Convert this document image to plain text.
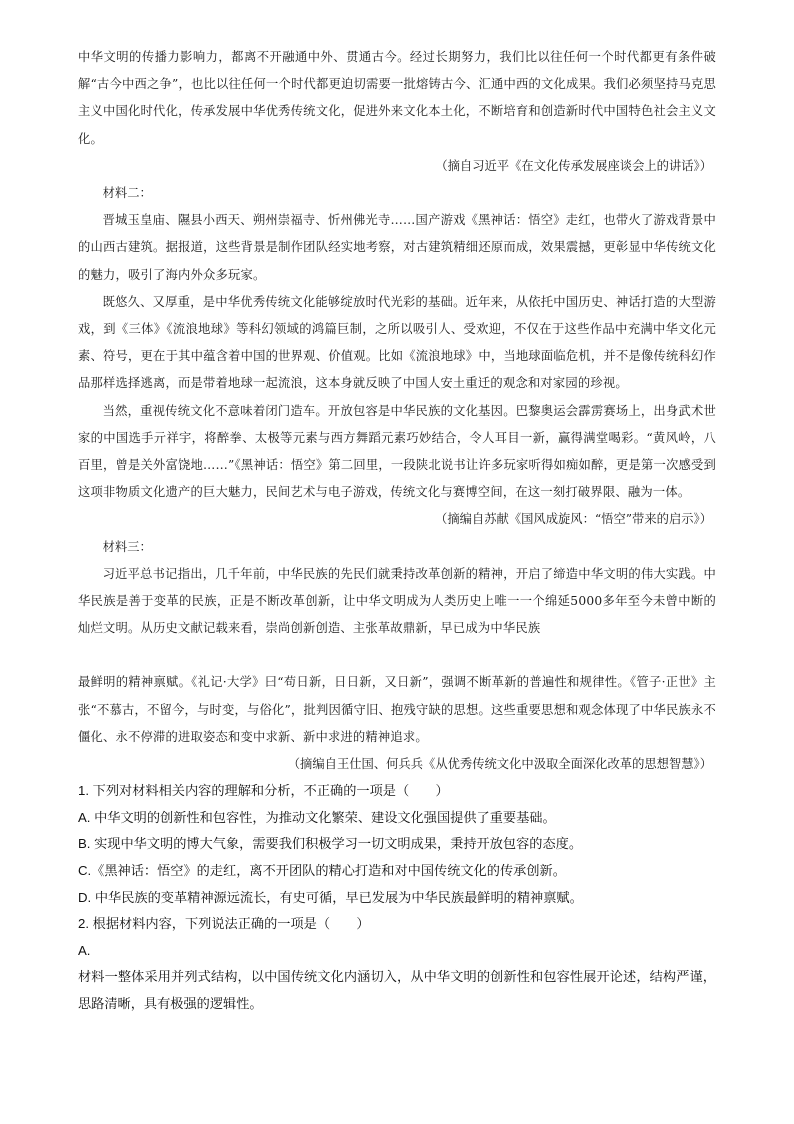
中华文明的传播力影响力，都离不开融通中外、贯通古今。经过长期努力，我们比以往任何一个时代都更有条件破解“古今中西之争”，也比以往任何一个时代都更迫切需要一批熔铸古今、汇通中西的文化成果。我们必须坚持马克思主义中国化时代化，传承发展中华优秀传统文化，促进外来文化本土化，不断培育和创造新时代中国特色社会主义文化。

（摘自习近平《在文化传承发展座谈会上的讲话》）

材料二：

晋城玉皇庙、隰县小西天、朔州崇福寺、忻州佛光寺……国产游戏《黑神话：悟空》走红，也带火了游戏背景中的山西古建筑。据报道，这些背景是制作团队经实地考察，对古建筑精细还原而成，效果震撼，更彰显中华传统文化的魅力，吸引了海内外众多玩家。

既悠久、又厚重，是中华优秀传统文化能够绽放时代光彩的基础。近年来，从依托中国历史、神话打造的大型游戏，到《三体》《流浪地球》等科幻领域的鸿篇巨制，之所以吸引人、受欢迎，不仅在于这些作品中充满中华文化元素、符号，更在于其中蕴含着中国的世界观、价值观。比如《流浪地球》中，当地球面临危机，并不是像传统科幻作品那样选择逃离，而是带着地球一起流浪，这本身就反映了中国人安土重迁的观念和对家园的珍视。

当然，重视传统文化不意味着闭门造车。开放包容是中华民族的文化基因。巴黎奥运会霹雳赛场上，出身武术世家的中国选手亓祥宇，将醉拳、太极等元素与西方舞蹈元素巧妙结合，令人耳目一新，赢得满堂喝彩。“黄风岭，八百里，曾是关外富饶地……”《黑神话：悟空》第二回里，一段陕北说书让许多玩家听得如痴如醉，更是第一次感受到这项非物质文化遗产的巨大魅力，民间艺术与电子游戏，传统文化与赛博空间，在这一刻打破界限、融为一体。

（摘编自苏献《国风成旋风：“悟空”带来的启示》）

材料三：

习近平总书记指出，几千年前，中华民族的先民们就秉持改革创新的精神，开启了缔造中华文明的伟大实践。中华民族是善于变革的民族，正是不断改革创新，让中华文明成为人类历史上唯一一个绵延5000多年至今未曾中断的灿烂文明。从历史文献记载来看，崇尚创新创造、主张革故鼎新，早已成为中华民族

最鲜明的精神禀赋。《礼记·大学》曰“苟日新，日日新，又日新”，强调不断革新的普遍性和规律性。《管子·正世》主张“不慕古，不留今，与时变，与俗化”，批判因循守旧、抱残守缺的思想。这些重要思想和观念体现了中华民族永不僵化、永不停滞的进取姿态和变中求新、新中求进的精神追求。

（摘编自王仕国、何兵兵《从优秀传统文化中汲取全面深化改革的思想智慧》）

1. 下列对材料相关内容的理解和分析，不正确的一项是（　　）

A. 中华文明的创新性和包容性，为推动文化繁荣、建设文化强国提供了重要基础。

B. 实现中华文明的博大气象，需要我们积极学习一切文明成果，秉持开放包容的态度。

C.《黑神话：悟空》的走红，离不开团队的精心打造和对中国传统文化的传承创新。

D. 中华民族的变革精神源远流长，有史可循，早已发展为中华民族最鲜明的精神禀赋。

2. 根据材料内容，下列说法正确的一项是（　　）

A.

材料一整体采用并列式结构，以中国传统文化内涵切入，从中华文明的创新性和包容性展开论述，结构严谨，思路清晰，具有极强的逻辑性。
